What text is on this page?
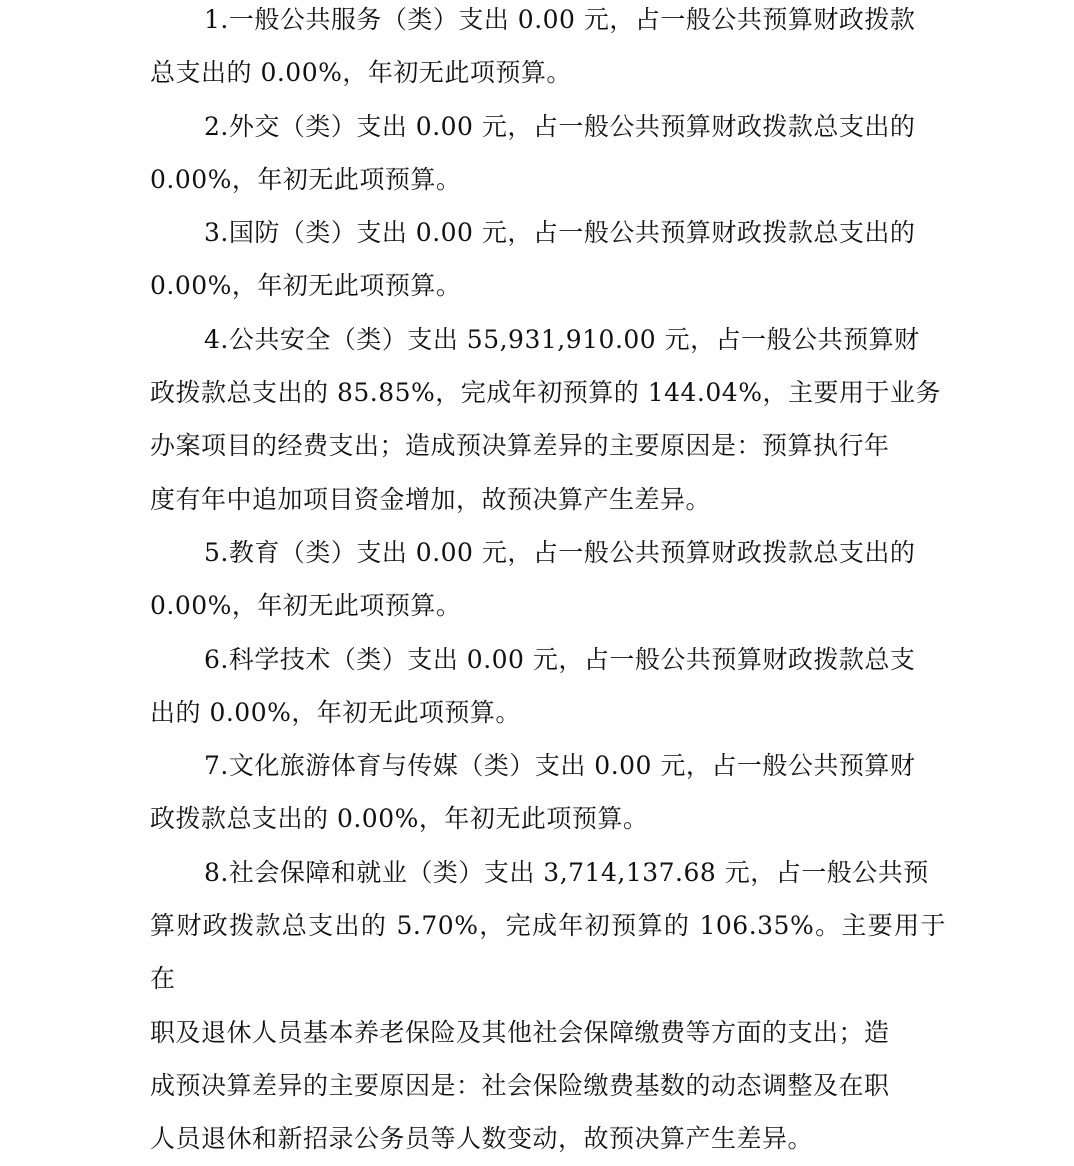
1.一般公共服务（类）支出 0.00 元，占一般公共预算财政拨款
总支出的 0.00%，年初无此项预算。

2.外交（类）支出 0.00 元，占一般公共预算财政拨款总支出的
0.00%，年初无此项预算。

3.国防（类）支出 0.00 元，占一般公共预算财政拨款总支出的
0.00%，年初无此项预算。

4.公共安全（类）支出 55,931,910.00 元，占一般公共预算财
政拨款总支出的 85.85%，完成年初预算的 144.04%，主要用于业务
办案项目的经费支出；造成预决算差异的主要原因是：预算执行年
度有年中追加项目资金增加，故预决算产生差异。

5.教育（类）支出 0.00 元，占一般公共预算财政拨款总支出的
0.00%，年初无此项预算。

6.科学技术（类）支出 0.00 元，占一般公共预算财政拨款总支
出的 0.00%，年初无此项预算。

7.文化旅游体育与传媒（类）支出 0.00 元，占一般公共预算财
政拨款总支出的 0.00%，年初无此项预算。

8.社会保障和就业（类）支出 3,714,137.68 元，占一般公共预
算财政拨款总支出的 5.70%，完成年初预算的 106.35%。主要用于在
职及退休人员基本养老保险及其他社会保障缴费等方面的支出；造
成预决算差异的主要原因是：社会保险缴费基数的动态调整及在职
人员退休和新招录公务员等人数变动，故预决算产生差异。
